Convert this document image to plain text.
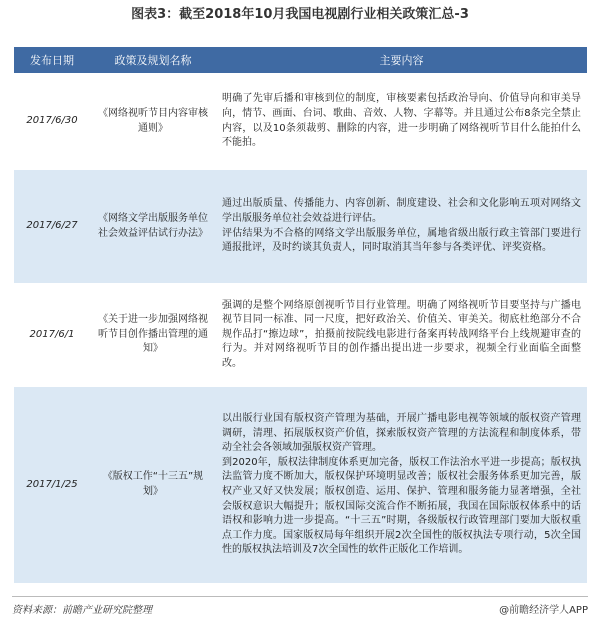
图表3：截至2018年10月我国电视剧行业相关政策汇总-3
发布日期	政策及规划名称	主要内容
2017/6/30	《网络视听节目内容审核通则》	明确了先审后播和审核到位的制度，审核要素包括政治导向、价值导向和审美导向，情节、画面、台词、歌曲、音效、人物、字幕等。并且通过公布8条完全禁止内容，以及10条须裁剪、删除的内容，进一步明确了网络视听节目什么能拍什么不能拍。

2017/6/27	《网络文学出版服务单位社会效益评估试行办法》	通过出版质量、传播能力、内容创新、制度建设、社会和文化影响五项对网络文学出版服务单位社会效益进行评估。

评估结果为不合格的网络文学出版服务单位，属地省级出版行政主管部门要进行通报批评，及时约谈其负责人，同时取消其当年参与各类评优、评奖资格。

2017/6/1	《关于进一步加强网络视听节目创作播出管理的通知》	强调的是整个网络原创视听节目行业管理。明确了网络视听节目要坚持与广播电视节目同一标准、同一尺度，把好政治关、价值关、审美关。彻底杜绝部分不合规作品打“擦边球”，拍摄前按院线电影进行备案再转战网络平台上线规避审查的行为。并对网络视听节目的创作播出提出进一步要求，视频全行业面临全面整改。

2017/1/25	《版权工作“十三五”规划》	以出版行业国有版权资产管理为基础，开展广播电影电视等领域的版权资产管理调研，清理、拓展版权资产价值，探索版权资产管理的方法流程和制度体系，带动全社会各领域加强版权资产管理。

到2020年，版权法律制度体系更加完备，版权工作法治水平进一步提高；版权执法监管力度不断加大，版权保护环境明显改善；版权社会服务体系更加完善，版权产业又好又快发展；版权创造、运用、保护、管理和服务能力显著增强，全社会版权意识大幅提升；版权国际交流合作不断拓展，我国在国际版权体系中的话语权和影响力进一步提高。“十三五”时期，各级版权行政管理部门要加大版权重点工作力度。国家版权局每年组织开展2次全国性的版权执法专项行动，5次全国性的版权执法培训及7次全国性的软件正版化工作培训。

资料来源：前瞻产业研究院整理	@前瞻经济学人APP
